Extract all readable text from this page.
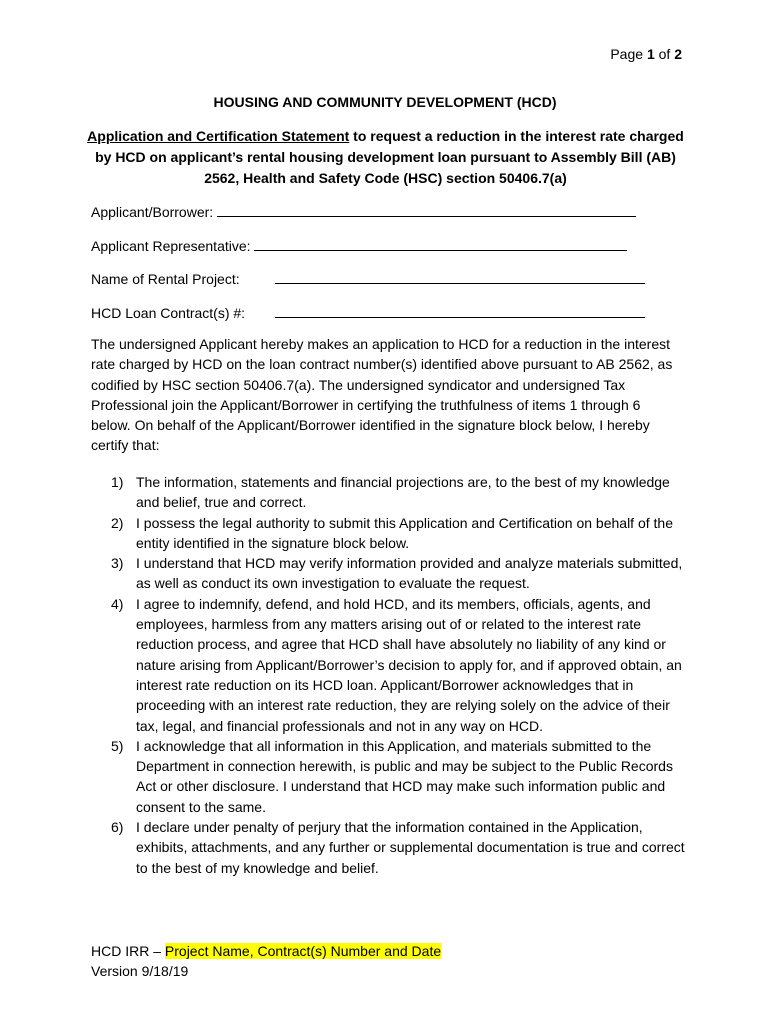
Page 1 of 2
HOUSING AND COMMUNITY DEVELOPMENT (HCD)
Application and Certification Statement to request a reduction in the interest rate charged by HCD on applicant’s rental housing development loan pursuant to Assembly Bill (AB) 2562, Health and Safety Code (HSC) section 50406.7(a)
Applicant/Borrower:
Applicant Representative:
Name of Rental Project:
HCD Loan Contract(s) #:

The undersigned Applicant hereby makes an application to HCD for a reduction in the interest rate charged by HCD on the loan contract number(s) identified above pursuant to AB 2562, as codified by HSC section 50406.7(a). The undersigned syndicator and undersigned Tax Professional join the Applicant/Borrower in certifying the truthfulness of items 1 through 6 below. On behalf of the Applicant/Borrower identified in the signature block below, I hereby certify that:

1) The information, statements and financial projections are, to the best of my knowledge and belief, true and correct.
2) I possess the legal authority to submit this Application and Certification on behalf of the entity identified in the signature block below.
3) I understand that HCD may verify information provided and analyze materials submitted, as well as conduct its own investigation to evaluate the request.
4) I agree to indemnify, defend, and hold HCD, and its members, officials, agents, and employees, harmless from any matters arising out of or related to the interest rate reduction process, and agree that HCD shall have absolutely no liability of any kind or nature arising from Applicant/Borrower’s decision to apply for, and if approved obtain, an interest rate reduction on its HCD loan. Applicant/Borrower acknowledges that in proceeding with an interest rate reduction, they are relying solely on the advice of their tax, legal, and financial professionals and not in any way on HCD.
5) I acknowledge that all information in this Application, and materials submitted to the Department in connection herewith, is public and may be subject to the Public Records Act or other disclosure. I understand that HCD may make such information public and consent to the same.
6) I declare under penalty of perjury that the information contained in the Application, exhibits, attachments, and any further or supplemental documentation is true and correct to the best of my knowledge and belief.
HCD IRR – Project Name, Contract(s) Number and Date
Version 9/18/19
